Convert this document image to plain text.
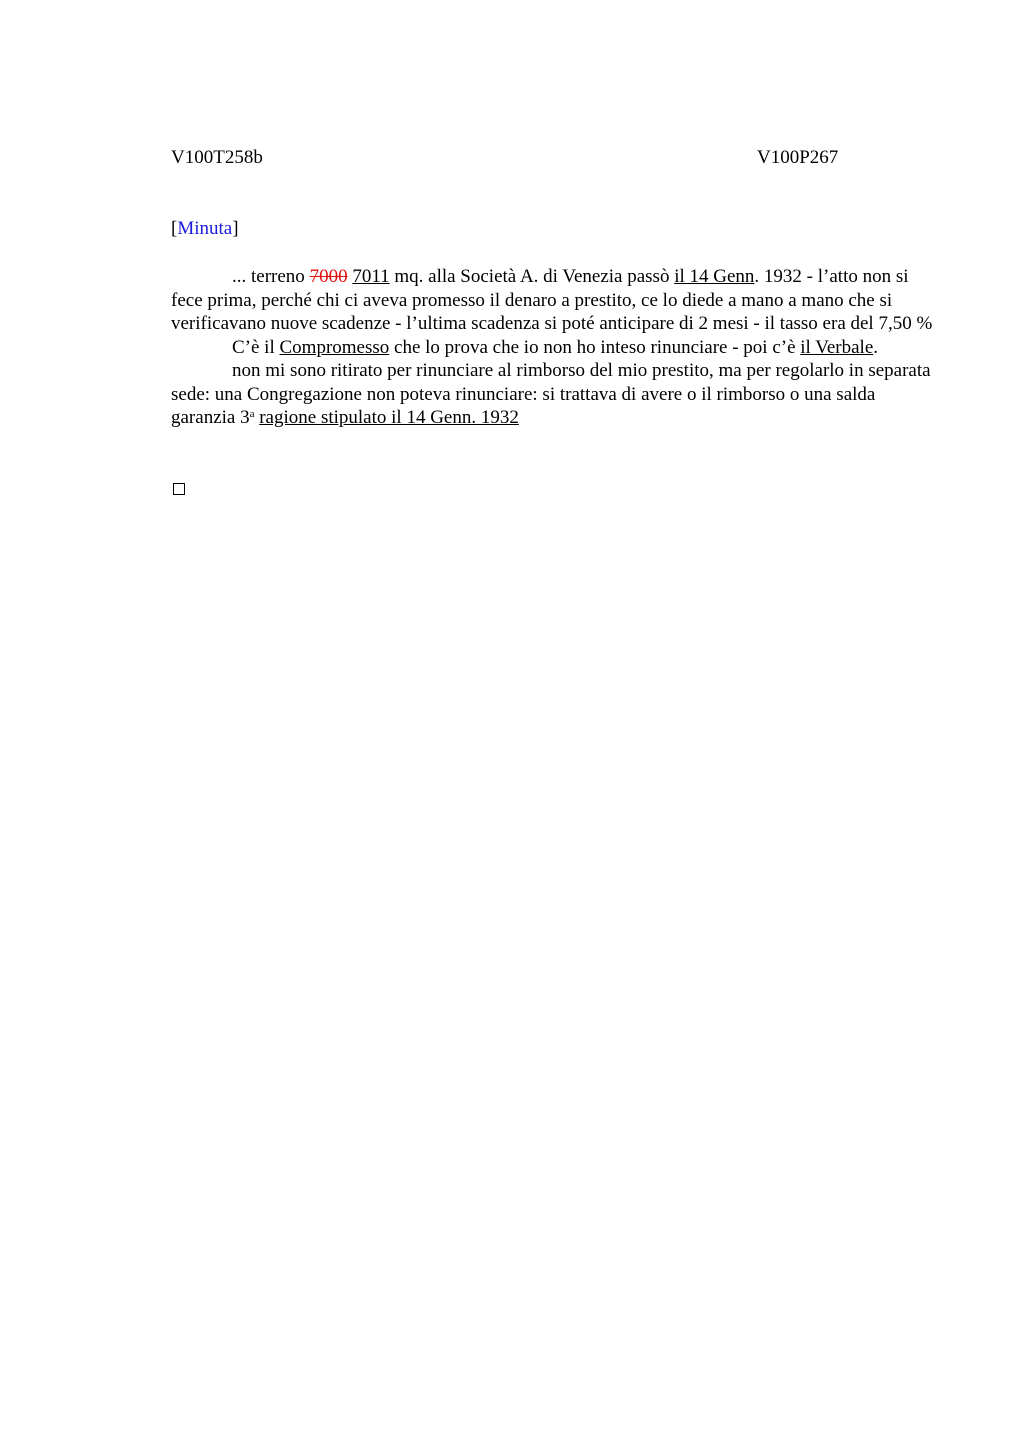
V100T258b	V100P267
[Minuta]

... terreno 7000 7011 mq. alla Società A. di Venezia passò il 14 Genn. 1932 - l’atto non si fece prima, perché chi ci aveva promesso il denaro a prestito, ce lo diede a mano a mano che si verificavano nuove scadenze - l’ultima scadenza si poté anticipare di 2 mesi - il tasso era del 7,50 %

C’è il Compromesso che lo prova che io non ho inteso rinunciare - poi c’è il Verbale.

non mi sono ritirato per rinunciare al rimborso del mio prestito, ma per regolarlo in separata sede: una Congregazione non poteva rinunciare: si trattava di avere o il rimborso o una salda garanzia 3$^a$ ragione stipulato il 14 Genn. 1932
